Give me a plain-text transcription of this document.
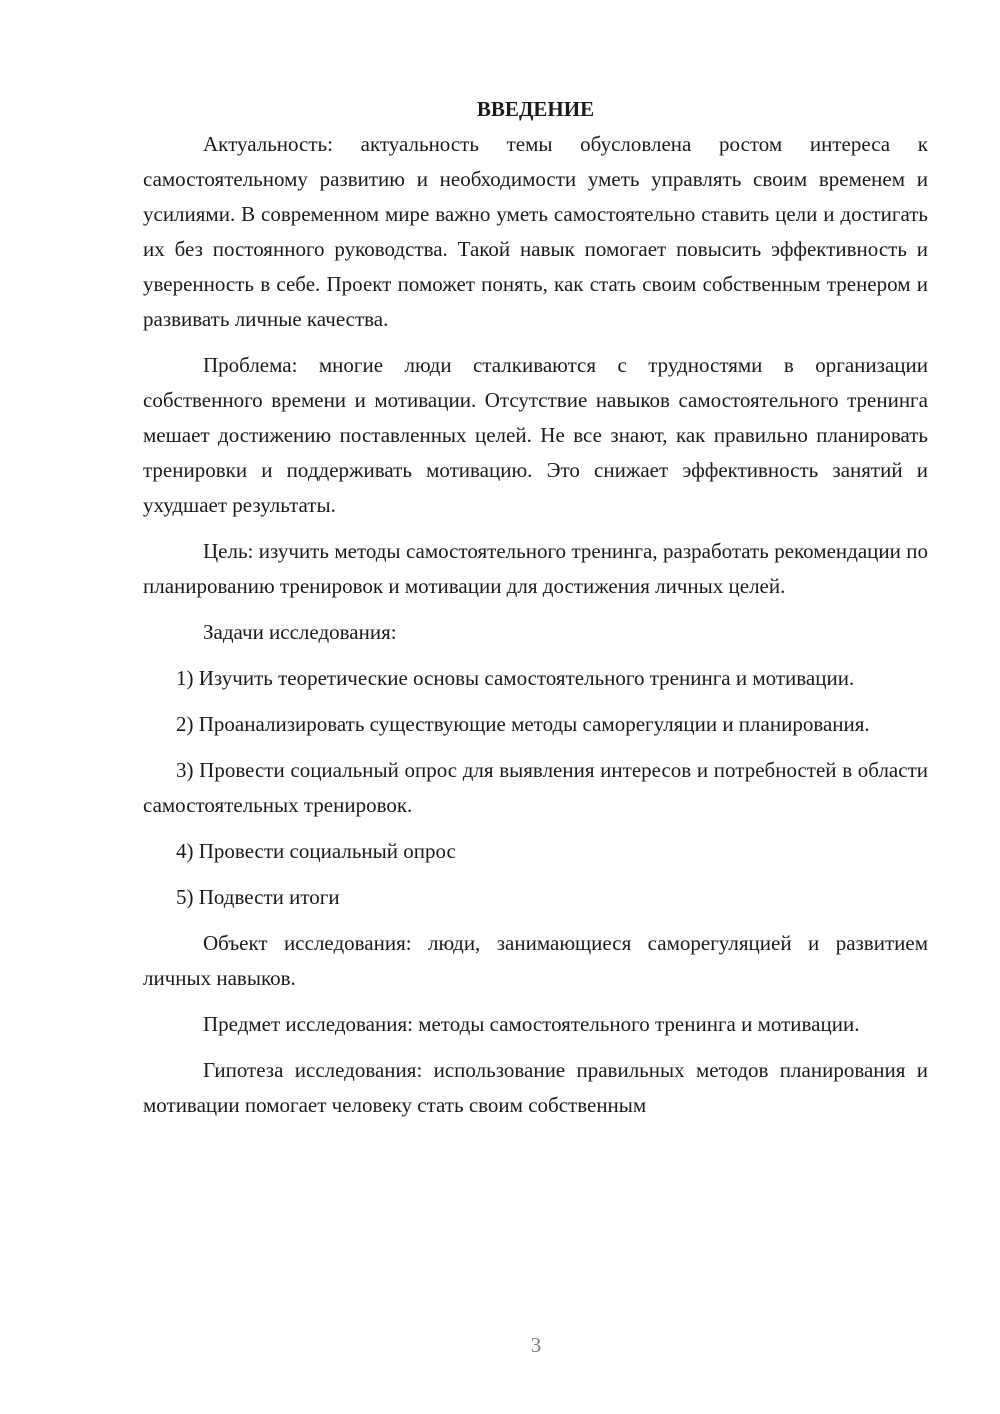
ВВЕДЕНИЕ

Актуальность: актуальность темы обусловлена ростом интереса к самостоятельному развитию и необходимости уметь управлять своим временем и усилиями. В современном мире важно уметь самостоятельно ставить цели и достигать их без постоянного руководства. Такой навык помогает повысить эффективность и уверенность в себе. Проект поможет понять, как стать своим собственным тренером и развивать личные качества.

Проблема: многие люди сталкиваются с трудностями в организации собственного времени и мотивации. Отсутствие навыков самостоятельного тренинга мешает достижению поставленных целей. Не все знают, как правильно планировать тренировки и поддерживать мотивацию. Это снижает эффективность занятий и ухудшает результаты.

Цель: изучить методы самостоятельного тренинга, разработать рекомендации по планированию тренировок и мотивации для достижения личных целей.

Задачи исследования:

1) Изучить теоретические основы самостоятельного тренинга и мотивации.

2) Проанализировать существующие методы саморегуляции и планирования.

3) Провести социальный опрос для выявления интересов и потребностей в области самостоятельных тренировок.

4) Провести социальный опрос

5) Подвести итоги

Объект исследования: люди, занимающиеся саморегуляцией и развитием личных навыков.

Предмет исследования: методы самостоятельного тренинга и мотивации.

Гипотеза исследования: использование правильных методов планирования и мотивации помогает человеку стать своим собственным

3
